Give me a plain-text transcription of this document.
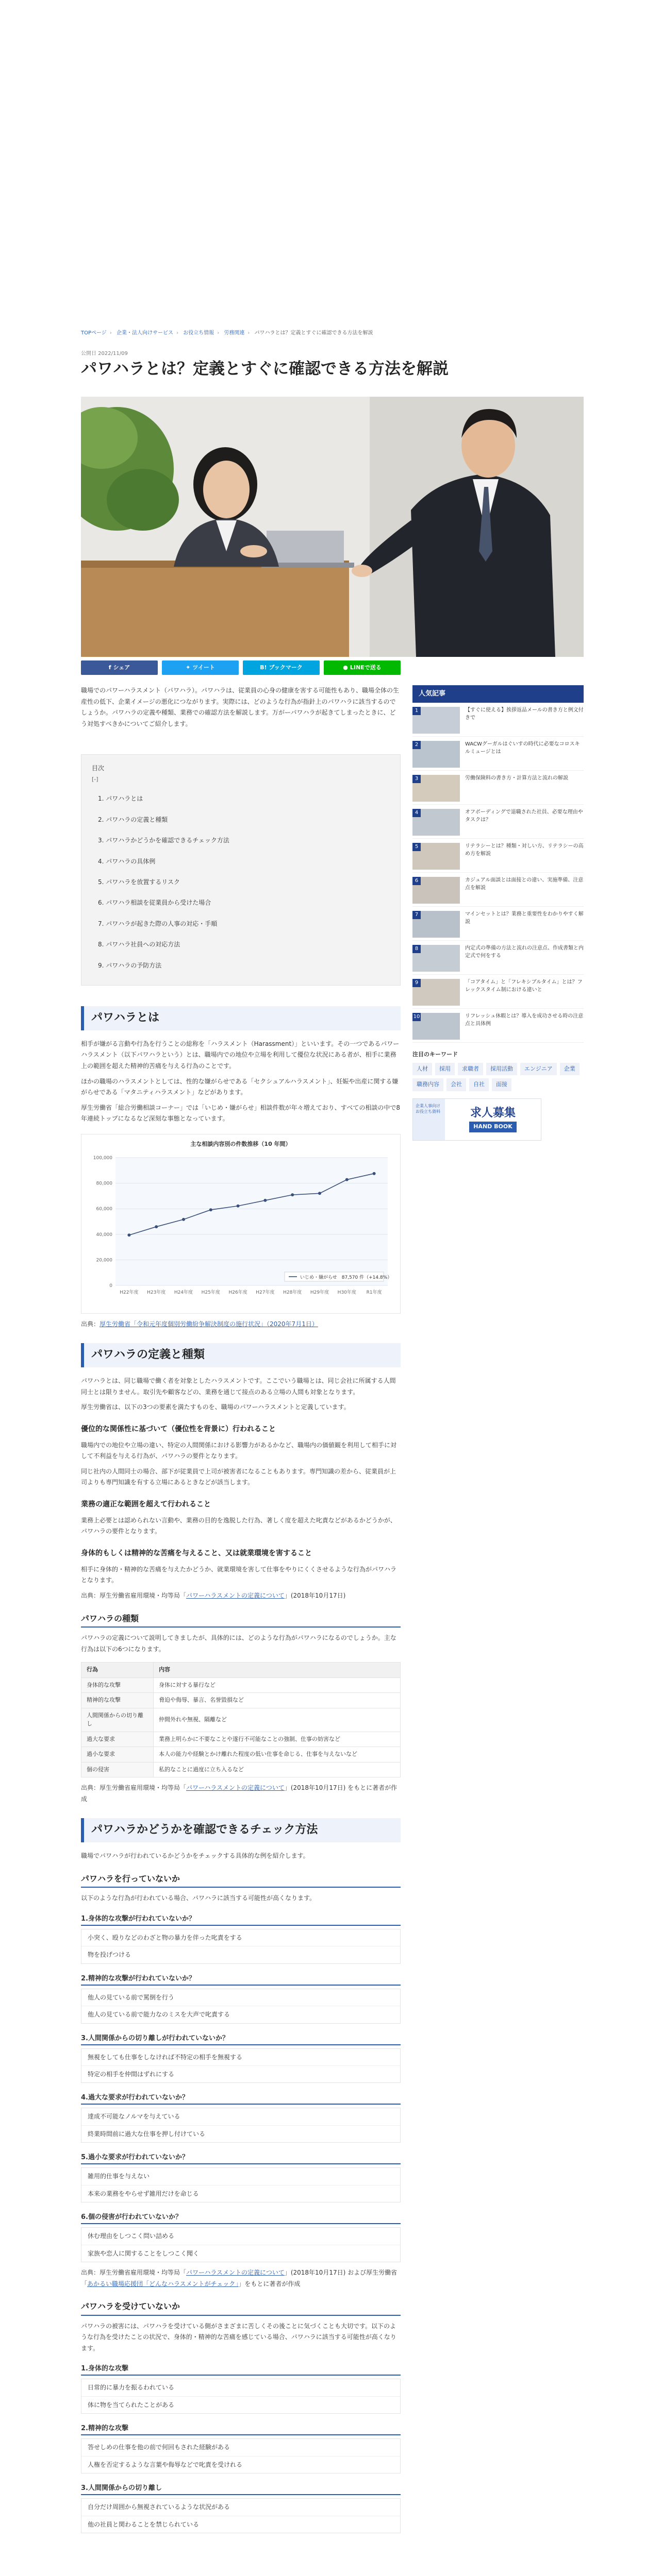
TOPページ › 企業・法人向けサービス › お役立ち情報 › 労務関連 › パワハラとは？定義とすぐに確認できる方法を解説
公開日 2022/11/09
パワハラとは？定義とすぐに確認できる方法を解説
f シェア	✦ ツイート	B! ブックマーク	● LINEで送る

職場でのパワーハラスメント（パワハラ）。パワハラは、従業員の心身の健康を害する可能性もあり、職場全体の生産性の低下、企業イメージの悪化につながります。実際には、どのような行為が指針上のパワハラに該当するのでしょうか。パワハラの定義や種類、業務での確認方法を解説します。万がーパワハラが起きてしまったときに、どう対処すべきかについてご紹介します。

目次
[-]
1. パワハラとは
2. パワハラの定義と種類
3. パワハラかどうかを確認できるチェック方法
4. パワハラの具体例
5. パワハラを放置するリスク
6. パワハラ相談を従業員から受けた場合
7. パワハラが起きた際の人事の対応・手順
8. パワハラ社員への対応方法
9. パワハラの予防方法
パワハラとは

相手が嫌がる言動や行為を行うことの総称を「ハラスメント（Harassment）」といいます。その一つであるパワーハラスメント（以下パワハラという）とは、職場内での地位や立場を利用して優位な状況にある者が、相手に業務上の範囲を超えた精神的苦痛を与える行為のことです。

ほかの職場のハラスメントとしては、性的な嫌がらせである「セクシュアルハラスメント」、妊娠や出産に関する嫌がらせである「マタニティハラスメント」などがあります。

厚生労働省「総合労働相談コーナー」では「いじめ・嫌がらせ」相談件数が年々増えており、すべての相談の中で8年連続トップになるなど深刻な事態となっています。

主な相談内容別の件数推移（10 年間）
0
20,000
40,000
60,000
80,000
100,000
H22年度 H23年度 H24年度 H25年度 H26年度 H27年度 H28年度 H29年度 H30年度 R1年度
いじめ・嫌がらせ　87,570 件（+14.8%）

出典：厚生労働省「令和元年度個別労働紛争解決制度の施行状況」（2020年7月1日）

パワハラの定義と種類

パワハラとは、同じ職場で働く者を対象としたハラスメントです。ここでいう職場とは、同じ会社に所属する人間同士とは限りません。取引先や顧客などの、業務を通じて接点のある立場の人間も対象となります。

厚生労働省は、以下の3つの要素を満たすものを、職場のパワーハラスメントと定義しています。

優位的な関係性に基づいて（優位性を背景に）行われること

職場内での地位や立場の違い、特定の人間関係における影響力があるかなど、職場内の価値観を利用して相手に対して不利益を与える行為が、パワハラの要件となります。

同じ社内の人間同士の場合、部下が従業員で上司が被害者になることもあります。専門知識の差から、従業員が上司よりも専門知識を有する立場にあるときなどが該当します。

業務の適正な範囲を超えて行われること

業務上必要とは認められない言動や、業務の目的を逸脱した行為、著しく度を超えた叱責などがあるかどうかが、パワハラの要件となります。

身体的もしくは精神的な苦痛を与えること、又は就業環境を害すること

相手に身体的・精神的な苦痛を与えたかどうか、就業環境を害して仕事をやりにくくさせるような行為がパワハラとなります。

出典：厚生労働省雇用環境・均等局「パワーハラスメントの定義について」(2018年10月17日)

パワハラの種類

パワハラの定義について説明してきましたが、具体的には、どのような行為がパワハラになるのでしょうか。主な行為は以下の6つになります。

行為	内容
身体的な攻撃	身体に対する暴行など
精神的な攻撃	脅迫や侮辱、暴言、名誉毀損など
人間関係からの切り離し	仲間外れや無視、隔離など
過大な要求	業務上明らかに不要なことや遂行不可能なことの強制、仕事の妨害など
過小な要求	本人の能力や経験とかけ離れた程度の低い仕事を命じる、仕事を与えないなど
個の侵害	私的なことに過度に立ち入るなど

出典：厚生労働省雇用環境・均等局「パワーハラスメントの定義について」(2018年10月17日) をもとに著者が作成

パワハラかどうかを確認できるチェック方法

職場でパワハラが行われているかどうかをチェックする具体的な例を紹介します。

パワハラを行っていないか

以下のような行為が行われている場合、パワハラに該当する可能性が高くなります。

1.身体的な攻撃が行われていないか？
小突く、殴りなどのわざと物の暴力を伴った叱責をする
物を投げつける
2.精神的な攻撃が行われていないか？
他人の見ている前で罵倒を行う
他人の見ている前で能力なのミスを大声で叱責する
3.人間関係からの切り離しが行われていないか？
無視をしても仕事をしなければ不特定の相手を無視する
特定の相手を仲間はずれにする
4.過大な要求が行われていないか？
達成不可能なノルマを与えている
終業時間前に過大な仕事を押し付けている
5.過小な要求が行われていないか？
雑用的仕事を与えない
本来の業務をやらせず雑用だけを命じる
6.個の侵害が行われていないか？
休む理由をしつこく問い詰める
家族や恋人に関することをしつこく聞く

出典：厚生労働省雇用環境・均等局「パワーハラスメントの定義について」(2018年10月17日) および厚生労働省「あかるい職場応援団「どんなハラスメントがチェック」」をもとに著者が作成

パワハラを受けていないか

パワハラの被害には、パワハラを受けている側がさまざまに苦しくその後ことに気づくことも大切です。以下のような行為を受けたことの状況で、身体的・精神的な苦痛を感じている場合、パワハラに該当する可能性が高くなります。

1.身体的な攻撃
日常的に暴力を振るわれている
体に物を当てられたことがある
2.精神的な攻撃
答せしめの仕事を他の前で何回もされた経験がある
人権を否定するような言葉や侮辱などで叱責を受けれる
3.人間関係からの切り離し
自分だけ周囲から無視されているような状況がある
他の社員と関わることを禁じられている
人気記事
1	【すぐに使える】挨拶返品メールの書き方と例文付きで
2	WACWグーガルはぐいすの時代に必要なコロスキルミュージとは
3	労働保険料の書き方・計算方法と流れの解説
4	オフボーディングで退職された社員、必要な理由やタスクは？
5	リテラシーとは？種類・対しい方、リテラシーの高め方を解説
6	カジュアル面談とは面接との違い、実施準備、注意点を解説
7	マインセットとは？業務と重要性をわかりやすく解説
8	内定式の準備の方法と流れの注意点、作成書類と内定式で何をする
9	「コアタイム」と「フレキシブルタイム」とは？フレックスタイム制における違いと
10	リフレッシュ休暇とは？導入を成功させる時の注意点と具体例
注目のキーワード
人材	採用	求職者	採用活動	エンジニア	企業
職務内容	会社	自社	面接
企業人事向けお役立ち資料	求人募集
HAND BOOK
